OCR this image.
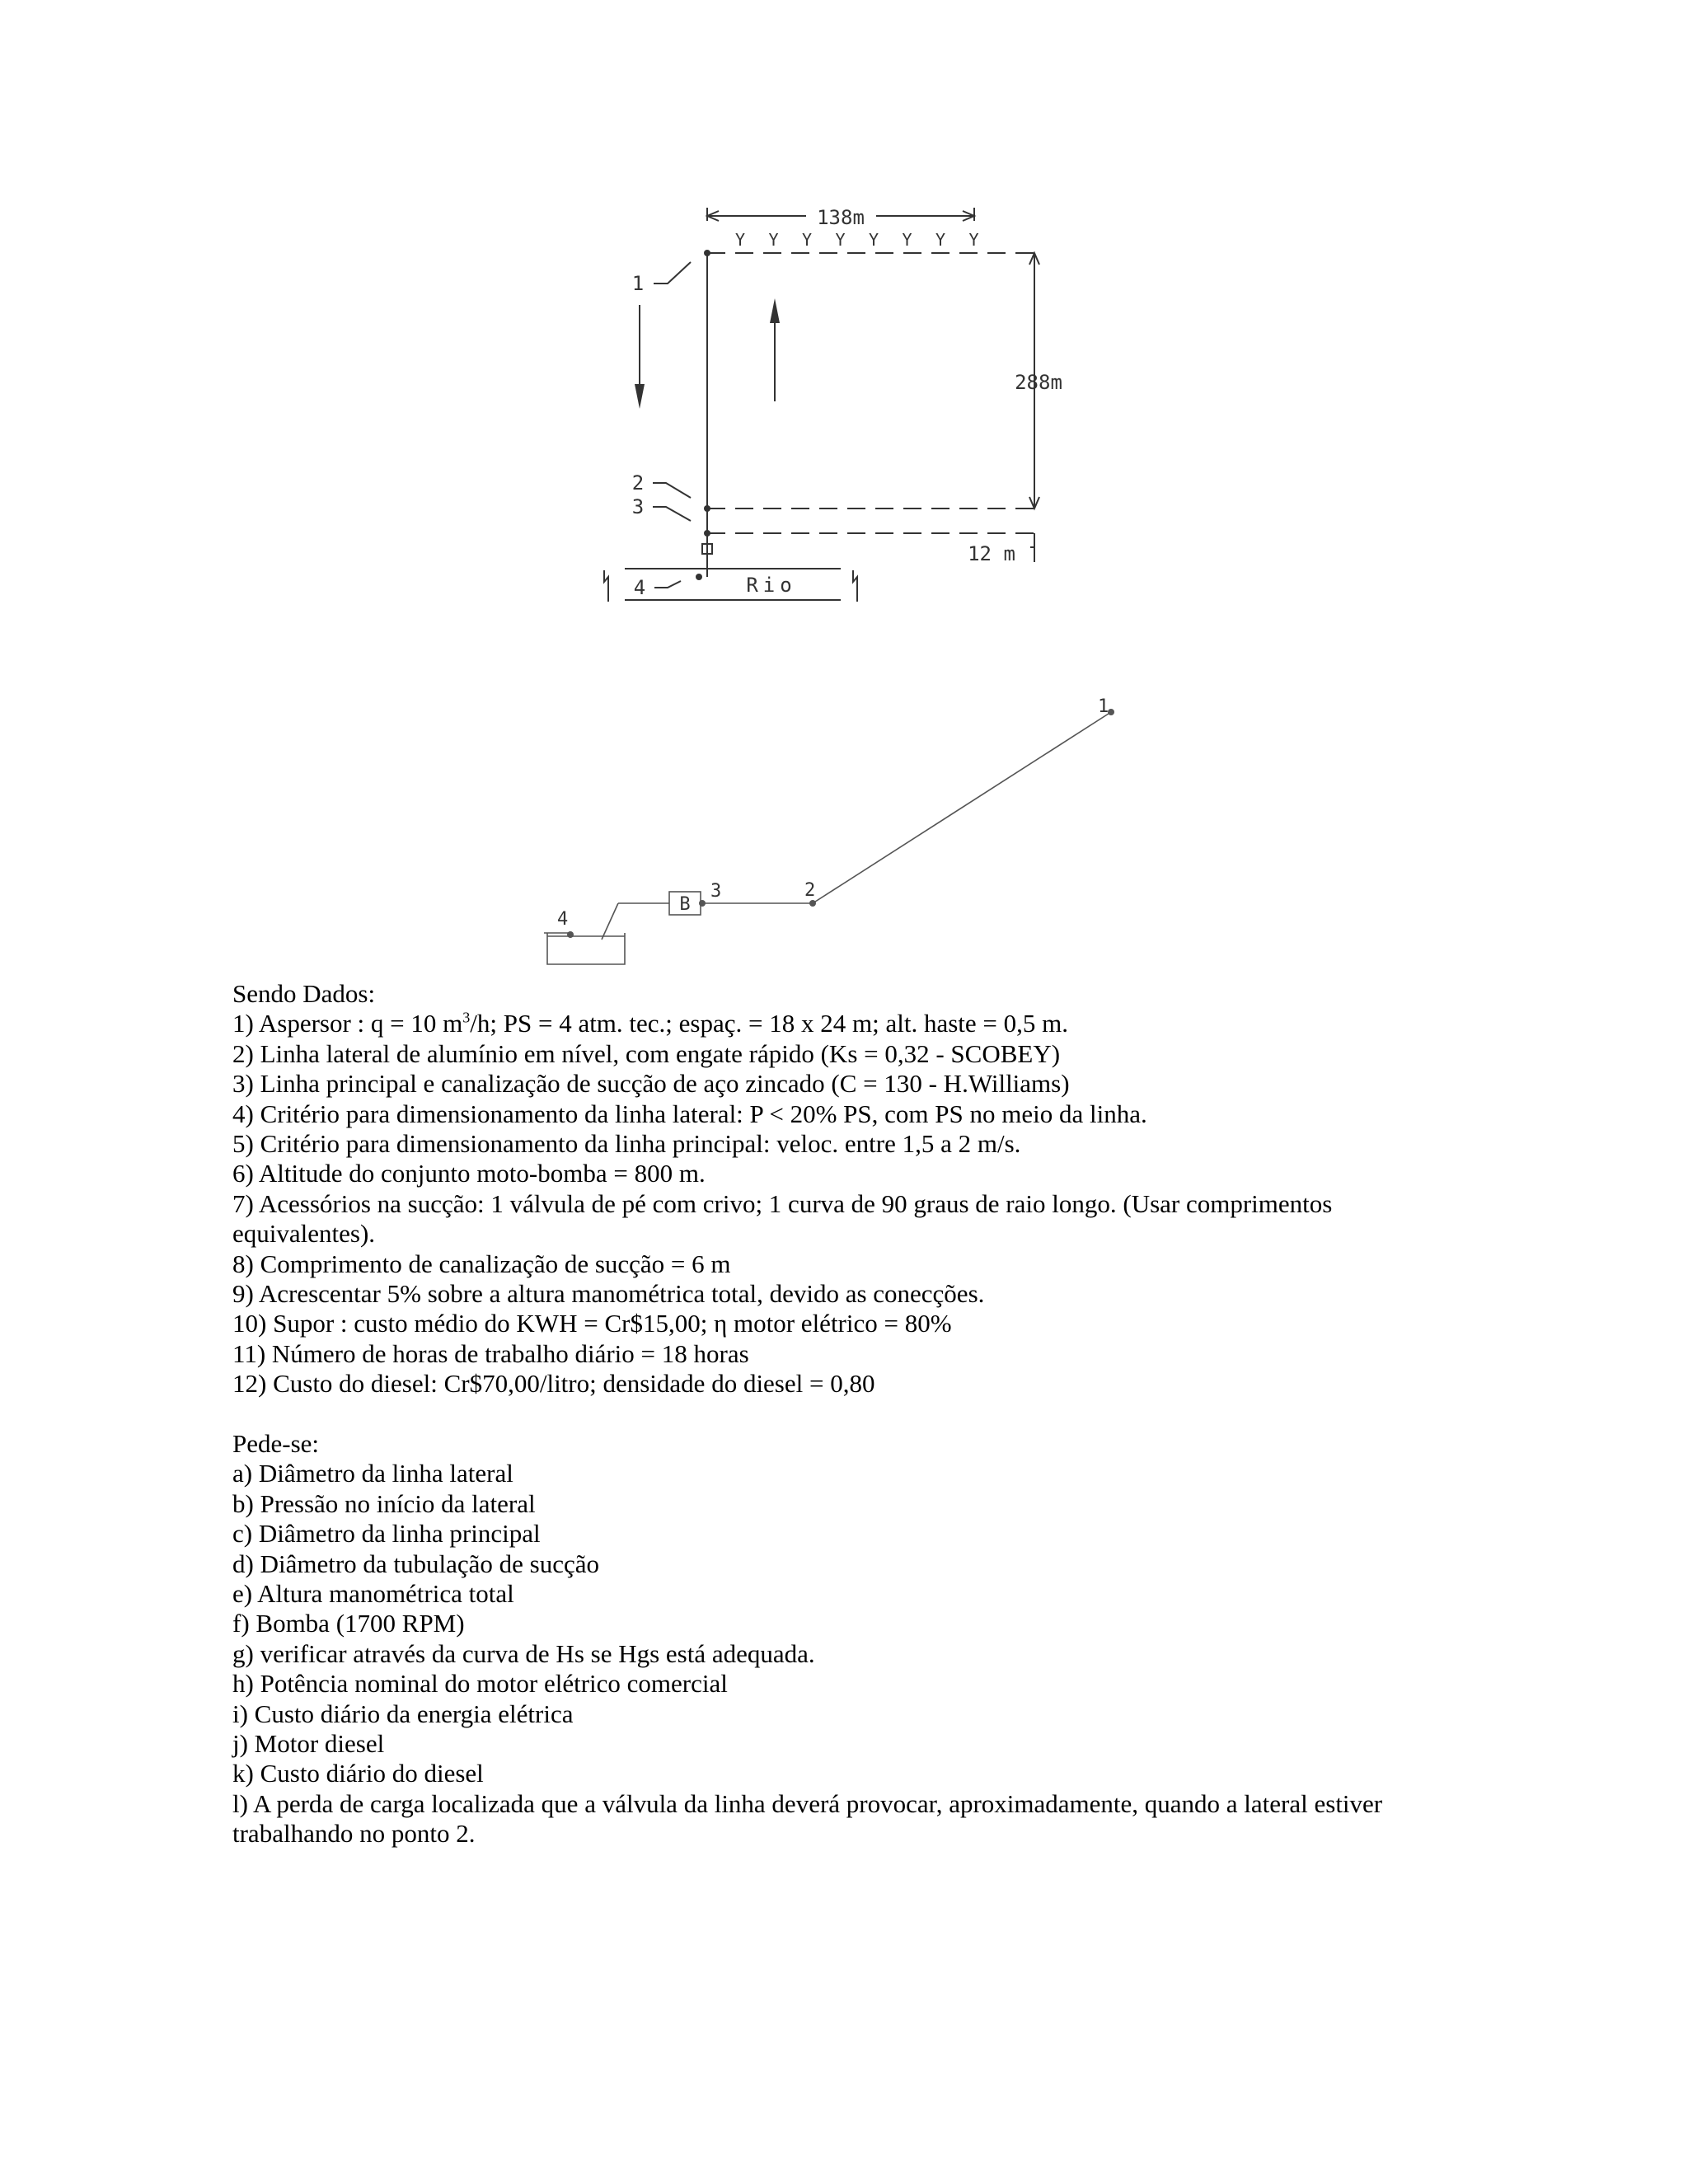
Y Y Y Y Y Y Y Y
138m
288m
12 m
Rio
1
2
3
4
1
2
3
4
B
Sendo Dados:
1) Aspersor : q = 10 $m^3/h$; PS = 4 atm. tec.; espaç. = 18 x 24 m; alt. haste = 0,5 m.
2) Linha lateral de alumínio em nível, com engate rápido (Ks = 0,32 - SCOBEY)
3) Linha principal e canalização de sucção de aço zincado (C = 130 - H.Williams)
4) Critério para dimensionamento da linha lateral: P < 20% PS, com PS no meio da linha.
5) Critério para dimensionamento da linha principal: veloc. entre 1,5 a 2 m/s.
6) Altitude do conjunto moto-bomba = 800 m.
7) Acessórios na sucção: 1 válvula de pé com crivo; 1 curva de 90 graus de raio longo. (Usar comprimentos equivalentes).
8) Comprimento de canalização de sucção = 6 m
9) Acrescentar 5% sobre a altura manométrica total, devido as conecções.
10) Supor : custo médio do KWH = Cr$15,00; η motor elétrico = 80%
11) Número de horas de trabalho diário = 18 horas
12) Custo do diesel: Cr$70,00/litro; densidade do diesel = 0,80
Pede-se:
a) Diâmetro da linha lateral
b) Pressão no início da lateral
c) Diâmetro da linha principal
d) Diâmetro da tubulação de sucção
e) Altura manométrica total
f) Bomba (1700 RPM)
g) verificar através da curva de Hs se Hgs está adequada.
h) Potência nominal do motor elétrico comercial
i) Custo diário da energia elétrica
j) Motor diesel
k) Custo diário do diesel
l) A perda de carga localizada que a válvula da linha deverá provocar, aproximadamente, quando a lateral estiver trabalhando no ponto 2.
